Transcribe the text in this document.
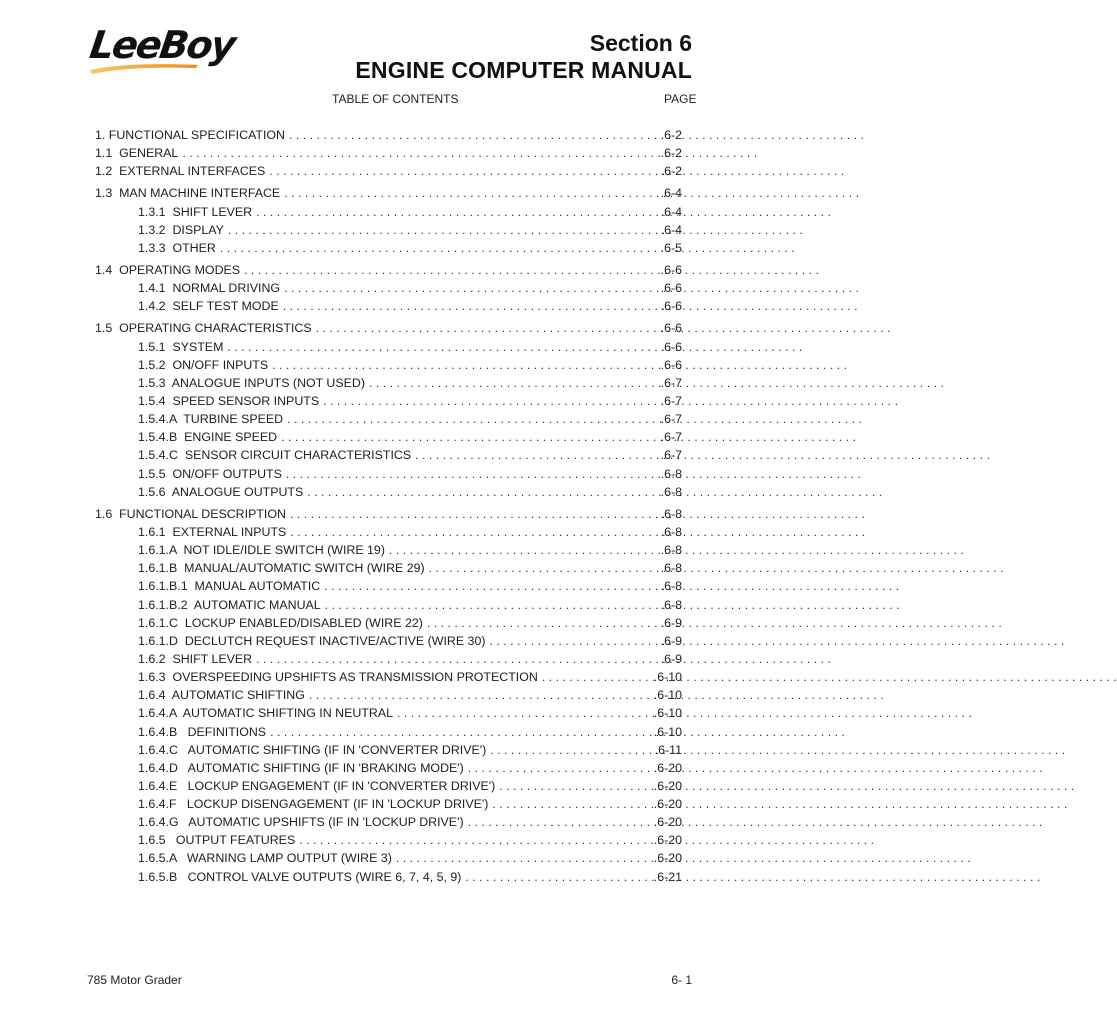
LeeBoy	Section 6
ENGINE COMPUTER MANUAL
TABLE OF CONTENTS	PAGE
1. FUNCTIONAL SPECIFICATION . . .	.6-2
1.1  GENERAL . . .	.6-2
1.2  EXTERNAL INTERFACES . . .	.6-2
1.3  MAN MACHINE INTERFACE . . .	.6-4
1.3.1  SHIFT LEVER . . .	.6-4
1.3.2  DISPLAY . . .	.6-4
1.3.3  OTHER . . .	.6-5
1.4  OPERATING MODES . . .	.6-6
1.4.1  NORMAL DRIVING . . .	.6-6
1.4.2  SELF TEST MODE . . .	.6-6
1.5  OPERATING CHARACTERISTICS . . .	.6-6
1.5.1  SYSTEM . . .	.6-6
1.5.2  ON/OFF INPUTS . . .	.6-6
1.5.3  ANALOGUE INPUTS (NOT USED) . . .	.6-7
1.5.4  SPEED SENSOR INPUTS . . .	.6-7
1.5.4.A  TURBINE SPEED . . .	.6-7
1.5.4.B  ENGINE SPEED . . .	.6-7
1.5.4.C  SENSOR CIRCUIT CHARACTERISTICS . . .	.6-7
1.5.5  ON/OFF OUTPUTS . . .	.6-8
1.5.6  ANALOGUE OUTPUTS . . .	.6-8
1.6  FUNCTIONAL DESCRIPTION . . .	.6-8
1.6.1  EXTERNAL INPUTS . . .	.6-8
1.6.1.A  NOT IDLE/IDLE SWITCH (WIRE 19) . . .	.6-8
1.6.1.B  MANUAL/AUTOMATIC SWITCH (WIRE 29) . . .	.6-8
1.6.1.B.1  MANUAL AUTOMATIC . . .	.6-8
1.6.1.B.2  AUTOMATIC MANUAL . . .	.6-8
1.6.1.C  LOCKUP ENABLED/DISABLED (WIRE 22) . . .	.6-9
1.6.1.D  DECLUTCH REQUEST INACTIVE/ACTIVE (WIRE 30) . . .	.6-9
1.6.2  SHIFT LEVER . . .	.6-9
1.6.3  OVERSPEEDING UPSHIFTS AS TRANSMISSION PROTECTION . . .	.6-10
1.6.4  AUTOMATIC SHIFTING . . .	.6-10
1.6.4.A  AUTOMATIC SHIFTING IN NEUTRAL . . .	.6-10
1.6.4.B   DEFINITIONS . . .	.6-10
1.6.4.C   AUTOMATIC SHIFTING (IF IN 'CONVERTER DRIVE') . . .	.6-11
1.6.4.D   AUTOMATIC SHIFTING (IF IN 'BRAKING MODE') . . .	.6-20
1.6.4.E   LOCKUP ENGAGEMENT (IF IN 'CONVERTER DRIVE') . . .	.6-20
1.6.4.F   LOCKUP DISENGAGEMENT (IF IN 'LOCKUP DRIVE') . . .	.6-20
1.6.4.G   AUTOMATIC UPSHIFTS (IF IN 'LOCKUP DRIVE') . . .	.6-20
1.6.5   OUTPUT FEATURES . . .	.6-20
1.6.5.A   WARNING LAMP OUTPUT (WIRE 3) . . .	.6-20
1.6.5.B   CONTROL VALVE OUTPUTS (WIRE 6, 7, 4, 5, 9) . . .	.6-21
785 Motor Grader	6- 1
